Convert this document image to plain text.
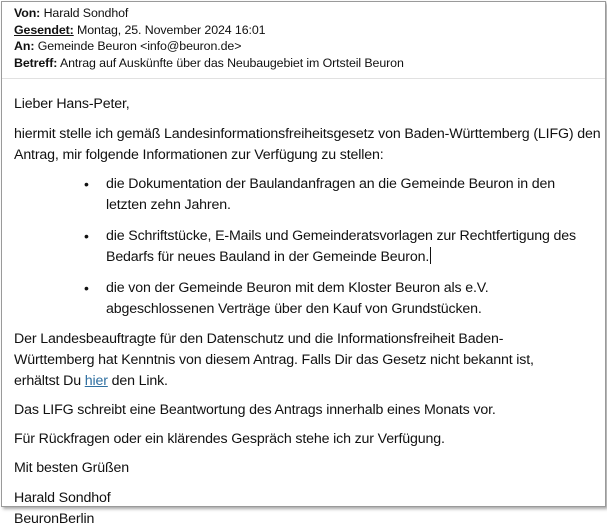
Von: Harald Sondhof
Gesendet: Montag, 25. November 2024 16:01
An: Gemeinde Beuron <info@beuron.de>
Betreff: Antrag auf Auskünfte über das Neubaugebiet im Ortsteil Beuron

Lieber Hans-Peter,

hiermit stelle ich gemäß Landesinformationsfreiheitsgesetz von Baden-Württemberg (LIFG) den Antrag, mir folgende Informationen zur Verfügung zu stellen:

• die Dokumentation der Baulandanfragen an die Gemeinde Beuron in den letzten zehn Jahren.
• die Schriftstücke, E-Mails und Gemeinderatsvorlagen zur Rechtfertigung des Bedarfs für neues Bauland in der Gemeinde Beuron.
• die von der Gemeinde Beuron mit dem Kloster Beuron als e.V. abgeschlossenen Verträge über den Kauf von Grundstücken.

Der Landesbeauftragte für den Datenschutz und die Informationsfreiheit Baden-Württemberg hat Kenntnis von diesem Antrag. Falls Dir das Gesetz nicht bekannt ist, erhältst Du hier den Link.

Das LIFG schreibt eine Beantwortung des Antrags innerhalb eines Monats vor.

Für Rückfragen oder ein klärendes Gespräch stehe ich zur Verfügung.

Mit besten Grüßen

Harald Sondhof

BeuronBerlin
